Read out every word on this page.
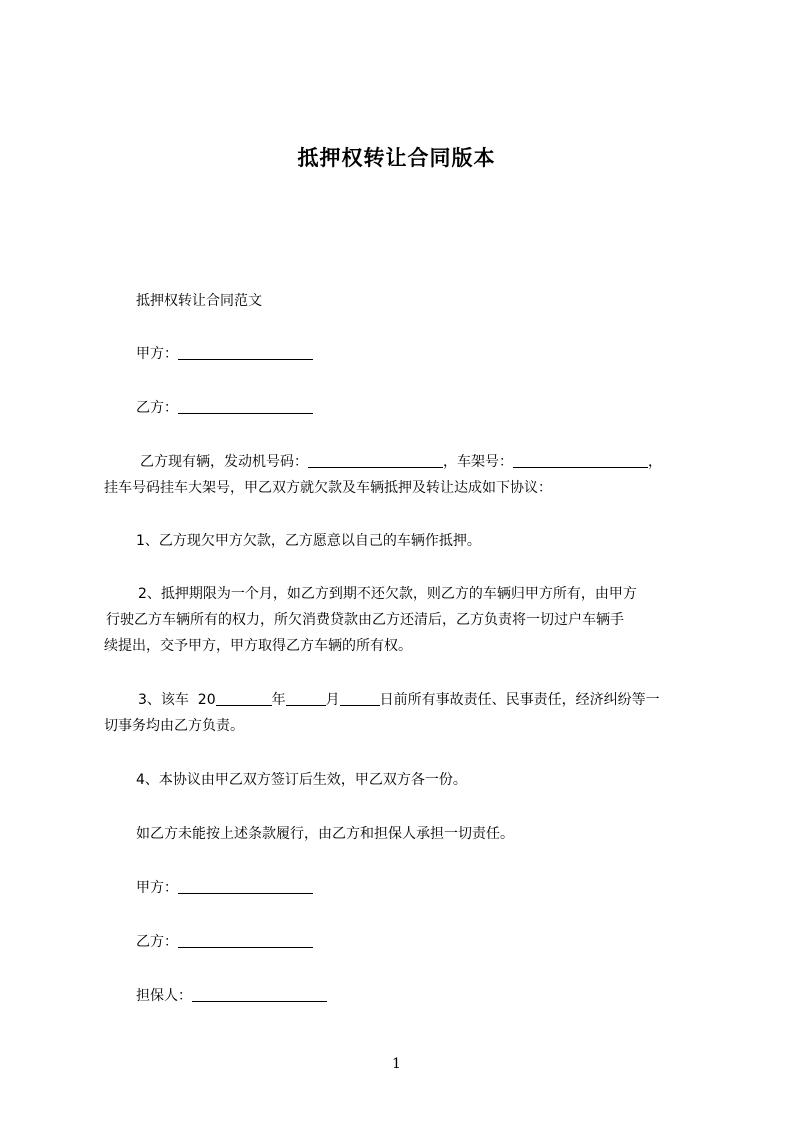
抵押权转让合同版本
抵押权转让合同范文
甲方：
乙方：
乙方现有辆，发动机号码：	，车架号：	，
挂车号码挂车大架号，甲乙双方就欠款及车辆抵押及转让达成如下协议：
1、乙方现欠甲方欠款，乙方愿意以自己的车辆作抵押。
2、抵押期限为一个月，如乙方到期不还欠款，则乙方的车辆归甲方所有，由甲方
行驶乙方车辆所有的权力，所欠消费贷款由乙方还清后，乙方负责将一切过户车辆手
续提出，交予甲方，甲方取得乙方车辆的所有权。
3、该车  20	年	月	日前所有事故责任、民事责任，经济纠纷等一
切事务均由乙方负责。
4、本协议由甲乙双方签订后生效，甲乙双方各一份。
如乙方未能按上述条款履行，由乙方和担保人承担一切责任。
甲方：
乙方：
担保人：
1
